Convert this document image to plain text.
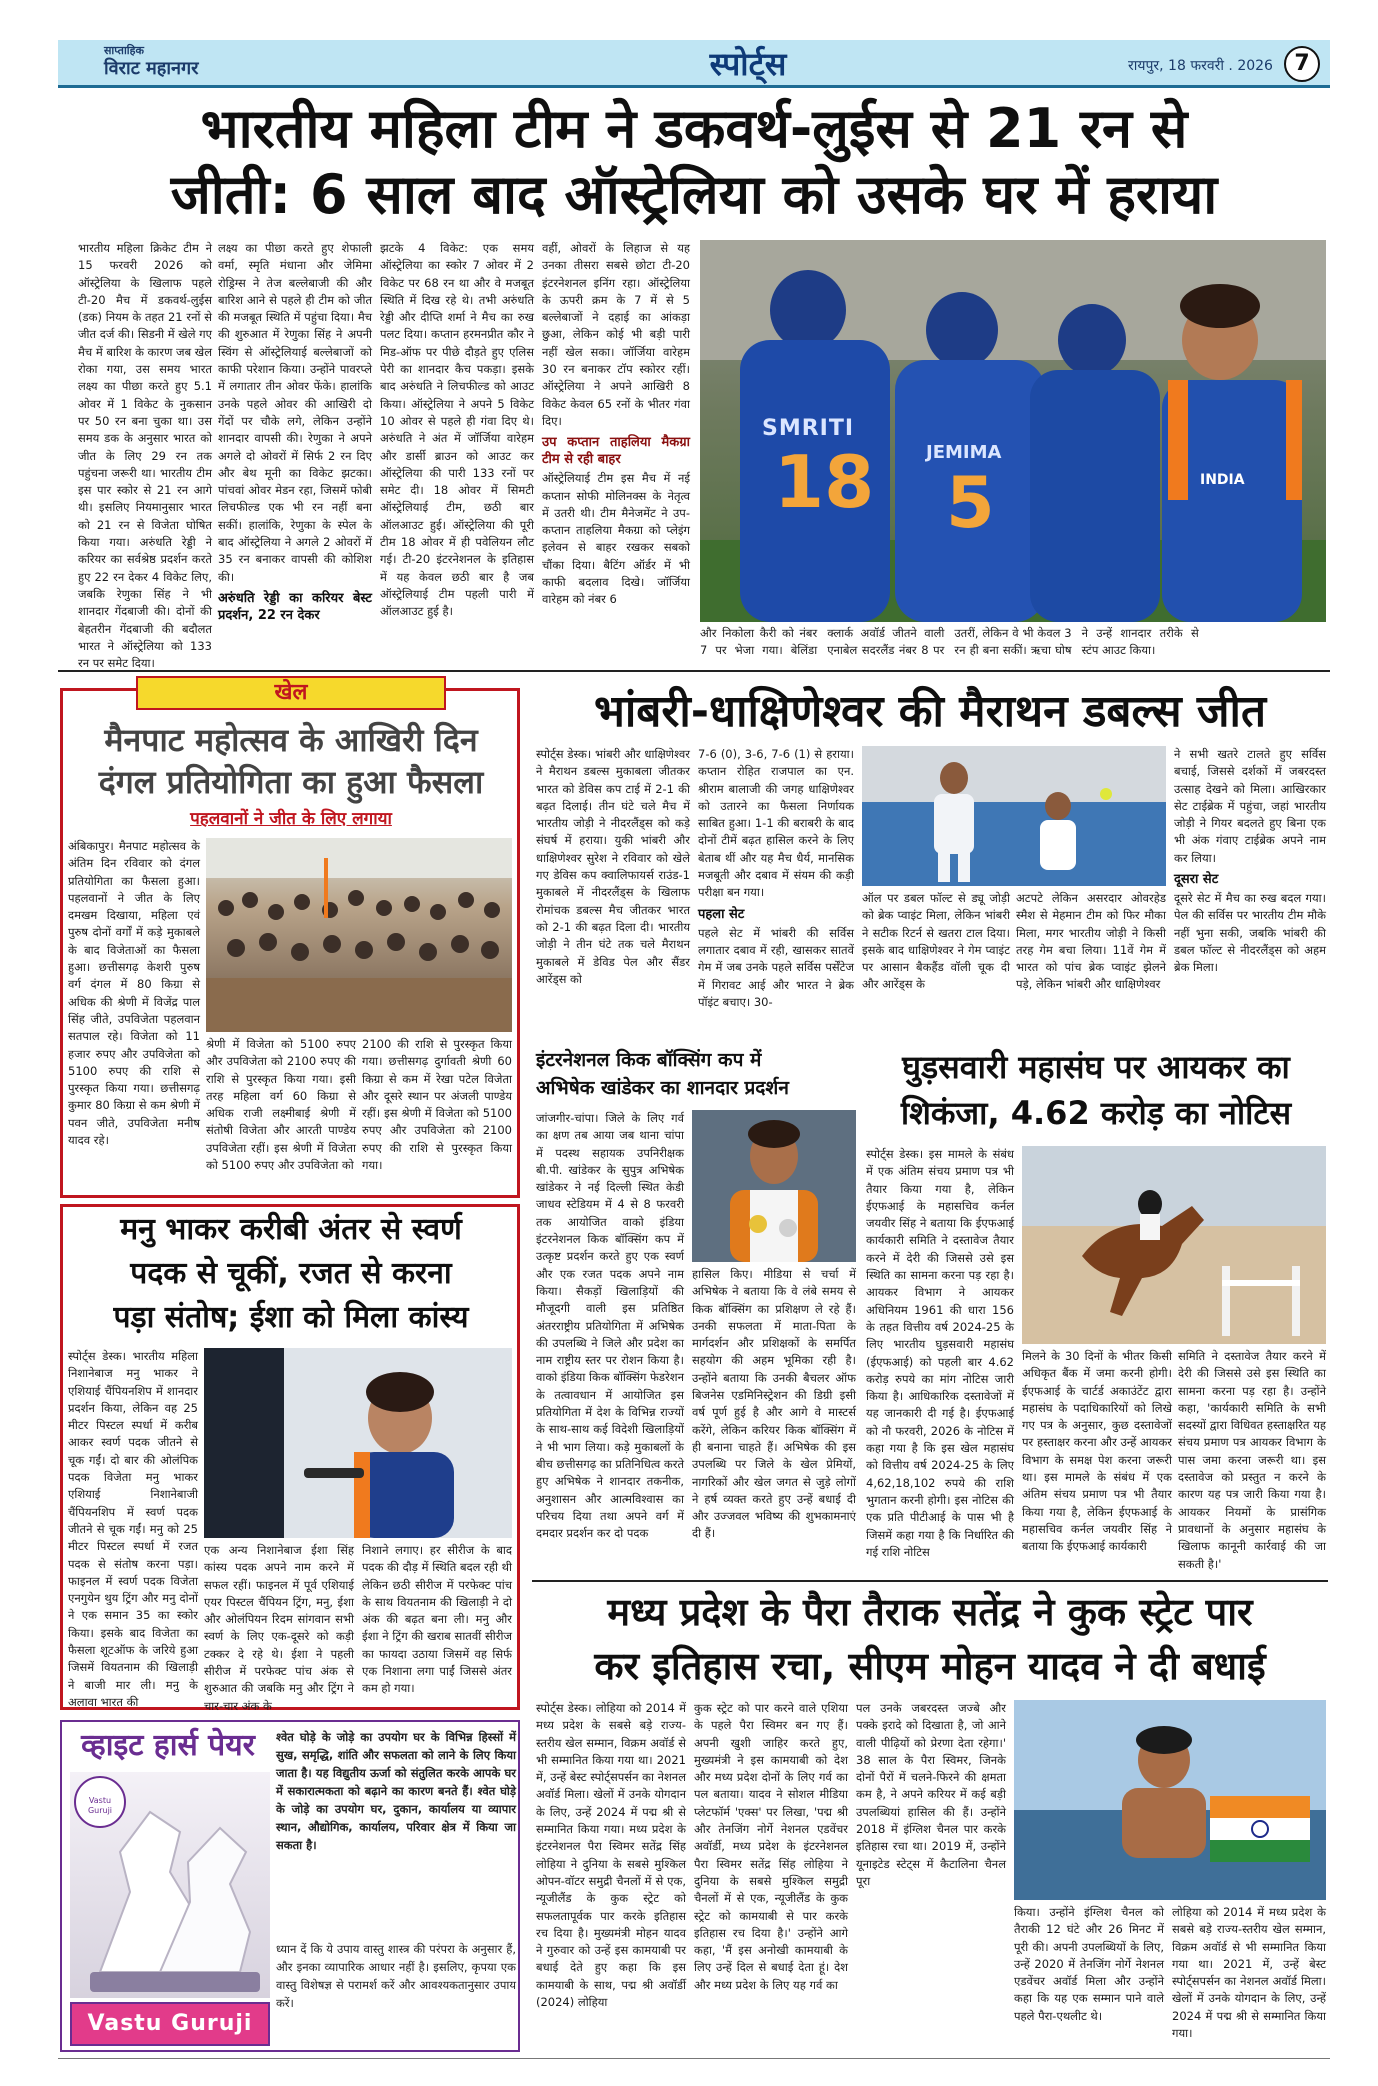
साप्ताहिक
विराट महानगर	स्पोर्ट्स	रायपुर, 18 फरवरी . 2026 7
भारतीय महिला टीम ने डकवर्थ-लुईस से 21 रन से
जीती: 6 साल बाद ऑस्ट्रेलिया को उसके घर में हराया
भारतीय महिला क्रिकेट टीम ने 15 फरवरी 2026 को ऑस्ट्रेलिया के खिलाफ पहले टी-20 मैच में डकवर्थ-लुईस (डक) नियम के तहत 21 रनों से जीत दर्ज की। सिडनी में खेले गए मैच में बारिश के कारण जब खेल रोका गया, उस समय भारत लक्ष्य का पीछा करते हुए 5.1 ओवर में 1 विकेट के नुकसान पर 50 रन बना चुका था। उस समय डक के अनुसार भारत को जीत के लिए 29 रन तक पहुंचना जरूरी था। भारतीय टीम इस पार स्कोर से 21 रन आगे थी। इसलिए नियमानुसार भारत को 21 रन से विजेता घोषित किया गया। अरुंधति रेड्डी ने करियर का सर्वश्रेष्ठ प्रदर्शन करते हुए 22 रन देकर 4 विकेट लिए, जबकि रेणुका सिंह ने भी शानदार गेंदबाजी की। दोनों की बेहतरीन गेंदबाजी की बदौलत भारत ने ऑस्ट्रेलिया को 133 रन पर समेट दिया।
लक्ष्य का पीछा करते हुए शेफाली वर्मा, स्मृति मंधाना और जेमिमा रोड्रिग्स ने तेज बल्लेबाजी की और बारिश आने से पहले ही टीम को जीत की मजबूत स्थिति में पहुंचा दिया। मैच की शुरुआत में रेणुका सिंह ने अपनी स्विंग से ऑस्ट्रेलियाई बल्लेबाजों को काफी परेशान किया। उन्होंने पावरप्ले में लगातार तीन ओवर फेंके। हालांकि उनके पहले ओवर की आखिरी दो गेंदों पर चौके लगे, लेकिन उन्होंने शानदार वापसी की। रेणुका ने अपने अगले दो ओवरों में सिर्फ 2 रन दिए और बेथ मूनी का विकेट झटका। पांचवां ओवर मेडन रहा, जिसमें फोबी लिचफील्ड एक भी रन नहीं बना सकीं। हालांकि, रेणुका के स्पेल के बाद ऑस्ट्रेलिया ने अगले 2 ओवरों में 35 रन बनाकर वापसी की कोशिश की।
अरुंधति रेड्डी का करियर बेस्ट प्रदर्शन, 22 रन देकर
झटके 4 विकेट: एक समय ऑस्ट्रेलिया का स्कोर 7 ओवर में 2 विकेट पर 68 रन था और वे मजबूत स्थिति में दिख रहे थे। तभी अरुंधति रेड्डी और दीप्ति शर्मा ने मैच का रुख पलट दिया। कप्तान हरमनप्रीत कौर ने मिड-ऑफ पर पीछे दौड़ते हुए एलिस पेरी का शानदार कैच पकड़ा। इसके बाद अरुंधति ने लिचफील्ड को आउट किया। ऑस्ट्रेलिया ने अपने 5 विकेट 10 ओवर से पहले ही गंवा दिए थे। अरुंधति ने अंत में जॉर्जिया वारेहम और डार्सी ब्राउन को आउट कर ऑस्ट्रेलिया की पारी 133 रनों पर समेट दी। 18 ओवर में सिमटी ऑस्ट्रेलियाई टीम, छठी बार ऑलआउट हुई। ऑस्ट्रेलिया की पूरी टीम 18 ओवर में ही पवेलियन लौट गई। टी-20 इंटरनेशनल के इतिहास में यह केवल छठी बार है जब ऑस्ट्रेलियाई टीम पहली पारी में ऑलआउट हुई है।
वहीं, ओवरों के लिहाज से यह उनका तीसरा सबसे छोटा टी-20 इंटरनेशनल इनिंग रहा। ऑस्ट्रेलिया के ऊपरी क्रम के 7 में से 5 बल्लेबाजों ने दहाई का आंकड़ा छुआ, लेकिन कोई भी बड़ी पारी नहीं खेल सका। जॉर्जिया वारेहम 30 रन बनाकर टॉप स्कोरर रहीं। ऑस्ट्रेलिया ने अपने आखिरी 8 विकेट केवल 65 रनों के भीतर गंवा दिए।
उप कप्तान ताहलिया मैकग्रा टीम से रही बाहर
ऑस्ट्रेलियाई टीम इस मैच में नई कप्तान सोफी मोलिनक्स के नेतृत्व में उतरी थी। टीम मैनेजमेंट ने उप-कप्तान ताहलिया मैकग्रा को प्लेइंग इलेवन से बाहर रखकर सबको चौंका दिया। बैटिंग ऑर्डर में भी काफी बदलाव दिखे। जॉर्जिया वारेहम को नंबर 6
SMRITI
18	JEMIMA
5	INDIA
और निकोला कैरी को नंबर 7 पर भेजा गया। बेलिंडा क्लार्क अवॉर्ड जीतने वाली एनाबेल सदरलैंड नंबर 8 पर उतरीं, लेकिन वे भी केवल 3 रन ही बना सकीं। ऋचा घोष ने उन्हें शानदार तरीके से स्टंप आउट किया।
खेल
मैनपाट महोत्सव के आखिरी दिन
दंगल प्रतियोगिता का हुआ फैसला
पहलवानों ने जीत के लिए लगाया
अंबिकापुर। मैनपाट महोत्सव के अंतिम दिन रविवार को दंगल प्रतियोगिता का फैसला हुआ। पहलवानों ने जीत के लिए दमखम दिखाया, महिला एवं पुरुष दोनों वर्गों में कड़े मुकाबले के बाद विजेताओं का फैसला हुआ। छत्तीसगढ़ केशरी पुरुष वर्ग दंगल में 80 किग्रा से अधिक की श्रेणी में विजेंद्र पाल सिंह जीते, उपविजेता पहलवान सतपाल रहे। विजेता को 11 हजार रुपए और उपविजेता को 5100 रुपए की राशि से पुरस्कृत किया गया। छत्तीसगढ़ कुमार 80 किग्रा से कम श्रेणी में पवन जीते, उपविजेता मनीष यादव रहे।
श्रेणी में विजेता को 5100 रुपए और उपविजेता को 2100 रुपए की राशि से पुरस्कृत किया गया। इसी तरह महिला वर्ग 60 किग्रा से अधिक राजी लक्ष्मीबाई श्रेणी में संतोषी विजेता और आरती पाण्डेय उपविजेता रहीं। इस श्रेणी में विजेता को 5100 रुपए और उपविजेता को
2100 की राशि से पुरस्कृत किया गया। छत्तीसगढ़ दुर्गावती श्रेणी 60 किग्रा से कम में रेखा पटेल विजेता और दूसरे स्थान पर अंजली पाण्डेय रहीं। इस श्रेणी में विजेता को 5100 रुपए और उपविजेता को 2100 रुपए की राशि से पुरस्कृत किया गया।
मनु भाकर करीबी अंतर से स्वर्ण
पदक से चूकीं, रजत से करना
पड़ा संतोष; ईशा को मिला कांस्य
स्पोर्ट्स डेस्क। भारतीय महिला निशानेबाज मनु भाकर ने एशियाई चैंपियनशिप में शानदार प्रदर्शन किया, लेकिन वह 25 मीटर पिस्टल स्पर्धा में करीब आकर स्वर्ण पदक जीतने से चूक गईं। दो बार की ओलंपिक पदक विजेता मनु भाकर एशियाई निशानेबाजी चैंपियनशिप में स्वर्ण पदक जीतने से चूक गईं। मनु को 25 मीटर पिस्टल स्पर्धा में रजत पदक से संतोष करना पड़ा। फाइनल में स्वर्ण पदक विजेता एनगुयेन थुय ट्रिंग और मनु दोनों ने एक समान 35 का स्कोर किया। इसके बाद विजेता का फैसला शूटऑफ के जरिये हुआ जिसमें वियतनाम की खिलाड़ी ने बाजी मार ली। मनु के अलावा भारत की
एक अन्य निशानेबाज ईशा सिंह कांस्य पदक अपने नाम करने में सफल रहीं। फाइनल में पूर्व एशियाई एयर पिस्टल चैंपियन ट्रिंग, मनु, ईशा और ओलंपियन रिदम सांगवान सभी स्वर्ण के लिए एक-दूसरे को कड़ी टक्कर दे रहे थे। ईशा ने पहली सीरीज में परफेक्ट पांच अंक से शुरुआत की जबकि मनु और ट्रिंग ने चार-चार अंक के
निशाने लगाए। हर सीरीज के बाद पदक की दौड़ में स्थिति बदल रही थी लेकिन छठी सीरीज में परफेक्ट पांच के साथ वियतनाम की खिलाड़ी ने दो अंक की बढ़त बना ली। मनु और ईशा ने ट्रिंग की खराब सातवीं सीरीज का फायदा उठाया जिसमें वह सिर्फ एक निशाना लगा पाईं जिससे अंतर कम हो गया।
व्हाइट हार्स पेयर
Vastu Guruji
श्वेत घोड़े के जोड़े का उपयोग घर के विभिन्न हिस्सों में सुख, समृद्धि, शांति और सफलता को लाने के लिए किया जाता है। यह विद्युतीय ऊर्जा को संतुलित करके आपके घर में सकारात्मकता को बढ़ाने का कारण बनते हैं। श्वेत घोड़े के जोड़े का उपयोग घर, दुकान, कार्यालय या व्यापार स्थान, औद्योगिक, कार्यालय, परिवार क्षेत्र में किया जा सकता है।
ध्यान दें कि ये उपाय वास्तु शास्त्र की परंपरा के अनुसार हैं, और इनका व्यापारिक आधार नहीं है। इसलिए, कृपया एक वास्तु विशेषज्ञ से परामर्श करें और आवश्यकतानुसार उपाय करें।
Vastu Guruji
भांबरी-धाक्षिणेश्वर की मैराथन डबल्स जीत
स्पोर्ट्स डेस्क। भांबरी और धाक्षिणेश्वर ने मैराथन डबल्स मुकाबला जीतकर भारत को डेविस कप टाई में 2-1 की बढ़त दिलाई। तीन घंटे चले मैच में भारतीय जोड़ी ने नीदरलैंड्स को कड़े संघर्ष में हराया। युकी भांबरी और धाक्षिणेश्वर सुरेश ने रविवार को खेले गए डेविस कप क्वालिफायर्स राउंड-1 मुकाबले में नीदरलैंड्स के खिलाफ रोमांचक डबल्स मैच जीतकर भारत को 2-1 की बढ़त दिला दी। भारतीय जोड़ी ने तीन घंटे तक चले मैराथन मुकाबले में डेविड पेल और सैंडर आरेंड्स को
7-6 (0), 3-6, 7-6 (1) से हराया। कप्तान रोहित राजपाल का एन. श्रीराम बालाजी की जगह धाक्षिणेश्वर को उतारने का फैसला निर्णायक साबित हुआ। 1-1 की बराबरी के बाद दोनों टीमें बढ़त हासिल करने के लिए बेताब थीं और यह मैच धैर्य, मानसिक मजबूती और दबाव में संयम की कड़ी परीक्षा बन गया।
पहला सेट
पहले सेट में भांबरी की सर्विस लगातार दबाव में रही, खासकर सातवें गेम में जब उनके पहले सर्विस पर्सेंटेज में गिरावट आई और भारत ने ब्रेक पॉइंट बचाए। 30-
ऑल पर डबल फॉल्ट से ड्यू जोड़ी को ब्रेक प्वाइंट मिला, लेकिन भांबरी ने सटीक रिटर्न से खतरा टाल दिया। इसके बाद धाक्षिणेश्वर ने गेम प्वाइंट पर आसान बैकहैंड वॉली चूक दी और आरेंड्स के
अटपटे लेकिन असरदार ओवरहेड स्मैश से मेहमान टीम को फिर मौका मिला, मगर भारतीय जोड़ी ने किसी तरह गेम बचा लिया। 11वें गेम में भारत को पांच ब्रेक प्वाइंट झेलने पड़े, लेकिन भांबरी और धाक्षिणेश्वर
ने सभी खतरे टालते हुए सर्विस बचाई, जिससे दर्शकों में जबरदस्त उत्साह देखने को मिला। आखिरकार सेट टाईब्रेक में पहुंचा, जहां भारतीय जोड़ी ने गियर बदलते हुए बिना एक भी अंक गंवाए टाईब्रेक अपने नाम कर लिया।
दूसरा सेट
दूसरे सेट में मैच का रुख बदल गया। पेल की सर्विस पर भारतीय टीम मौके नहीं भुना सकी, जबकि भांबरी की डबल फॉल्ट से नीदरलैंड्स को अहम ब्रेक मिला।
इंटरनेशनल किक बॉक्सिंग कप में
अभिषेक खांडेकर का शानदार प्रदर्शन
जांजगीर-चांपा। जिले के लिए गर्व का क्षण तब आया जब थाना चांपा में पदस्थ सहायक उपनिरीक्षक बी.पी. खांडेकर के सुपुत्र अभिषेक खांडेकर ने नई दिल्ली स्थित केडी जाधव स्टेडियम में 4 से 8 फरवरी तक आयोजित वाको इंडिया इंटरनेशनल किक बॉक्सिंग कप में उत्कृष्ट प्रदर्शन करते हुए एक स्वर्ण और एक रजत पदक अपने नाम किया। सैकड़ों खिलाड़ियों की मौजूदगी वाली इस प्रतिष्ठित अंतरराष्ट्रीय प्रतियोगिता में अभिषेक की उपलब्धि ने जिले और प्रदेश का नाम राष्ट्रीय स्तर पर रोशन किया है। वाको इंडिया किक बॉक्सिंग फेडरेशन के तत्वावधान में आयोजित इस प्रतियोगिता में देश के विभिन्न राज्यों के साथ-साथ कई विदेशी खिलाड़ियों ने भी भाग लिया। कड़े मुकाबलों के बीच छत्तीसगढ़ का प्रतिनिधित्व करते हुए अभिषेक ने शानदार तकनीक, अनुशासन और आत्मविश्वास का परिचय दिया तथा अपने वर्ग में दमदार प्रदर्शन कर दो पदक
हासिल किए। मीडिया से चर्चा में अभिषेक ने बताया कि वे लंबे समय से किक बॉक्सिंग का प्रशिक्षण ले रहे हैं। उनकी सफलता में माता-पिता के मार्गदर्शन और प्रशिक्षकों के समर्पित सहयोग की अहम भूमिका रही है। उन्होंने बताया कि उनकी बैचलर ऑफ बिजनेस एडमिनिस्ट्रेशन की डिग्री इसी वर्ष पूर्ण हुई है और आगे वे मास्टर्स करेंगे, लेकिन करियर किक बॉक्सिंग में ही बनाना चाहते हैं। अभिषेक की इस उपलब्धि पर जिले के खेल प्रेमियों, नागरिकों और खेल जगत से जुड़े लोगों ने हर्ष व्यक्त करते हुए उन्हें बधाई दी और उज्जवल भविष्य की शुभकामनाएं दी हैं।
घुड़सवारी महासंघ पर आयकर का
शिकंजा, 4.62 करोड़ का नोटिस
स्पोर्ट्स डेस्क। इस मामले के संबंध में एक अंतिम संचय प्रमाण पत्र भी तैयार किया गया है, लेकिन ईएफआई के महासचिव कर्नल जयवीर सिंह ने बताया कि ईएफआई कार्यकारी समिति ने दस्तावेज तैयार करने में देरी की जिससे उसे इस स्थिति का सामना करना पड़ रहा है। आयकर विभाग ने आयकर अधिनियम 1961 की धारा 156 के तहत वित्तीय वर्ष 2024-25 के लिए भारतीय घुड़सवारी महासंघ (ईएफआई) को पहली बार 4.62 करोड़ रुपये का मांग नोटिस जारी किया है। आधिकारिक दस्तावेजों में यह जानकारी दी गई है। ईएफआई को नौ फरवरी, 2026 के नोटिस में कहा गया है कि इस खेल महासंघ को वित्तीय वर्ष 2024-25 के लिए 4,62,18,102 रुपये की राशि भुगतान करनी होगी। इस नोटिस की एक प्रति पीटीआई के पास भी है जिसमें कहा गया है कि निर्धारित की गई राशि नोटिस
मिलने के 30 दिनों के भीतर किसी अधिकृत बैंक में जमा करनी होगी। ईएफआई के चार्टर्ड अकाउंटेंट द्वारा महासंघ के पदाधिकारियों को लिखे गए पत्र के अनुसार, कुछ दस्तावेजों पर हस्ताक्षर करना और उन्हें आयकर विभाग के समक्ष पेश करना जरूरी था। इस मामले के संबंध में एक अंतिम संचय प्रमाण पत्र भी तैयार किया गया है, लेकिन ईएफआई के महासचिव कर्नल जयवीर सिंह ने बताया कि ईएफआई कार्यकारी
समिति ने दस्तावेज तैयार करने में देरी की जिससे उसे इस स्थिति का सामना करना पड़ रहा है। उन्होंने कहा, 'कार्यकारी समिति के सभी सदस्यों द्वारा विधिवत हस्ताक्षरित यह संचय प्रमाण पत्र आयकर विभाग के पास जमा करना जरूरी था। इस दस्तावेज को प्रस्तुत न करने के कारण यह पत्र जारी किया गया है। आयकर नियमों के प्रासंगिक प्रावधानों के अनुसार महासंघ के खिलाफ कानूनी कार्रवाई की जा सकती है।'
मध्य प्रदेश के पैरा तैराक सतेंद्र ने कुक स्ट्रेट पार
कर इतिहास रचा, सीएम मोहन यादव ने दी बधाई
स्पोर्ट्स डेस्क। लोहिया को 2014 में मध्य प्रदेश के सबसे बड़े राज्य-स्तरीय खेल सम्मान, विक्रम अवॉर्ड से भी सम्मानित किया गया था। 2021 में, उन्हें बेस्ट स्पोर्ट्सपर्सन का नेशनल अवॉर्ड मिला। खेलों में उनके योगदान के लिए, उन्हें 2024 में पद्म श्री से सम्मानित किया गया। मध्य प्रदेश के इंटरनेशनल पैरा स्विमर सतेंद्र सिंह लोहिया ने दुनिया के सबसे मुश्किल ओपन-वॉटर समुद्री चैनलों में से एक, न्यूजीलैंड के कुक स्ट्रेट को सफलतापूर्वक पार करके इतिहास रच दिया है। मुख्यमंत्री मोहन यादव ने गुरुवार को उन्हें इस कामयाबी पर बधाई देते हुए कहा कि इस कामयाबी के साथ, पद्म श्री अवॉर्डी (2024) लोहिया
कुक स्ट्रेट को पार करने वाले एशिया के पहले पैरा स्विमर बन गए हैं। अपनी खुशी जाहिर करते हुए, मुख्यमंत्री ने इस कामयाबी को देश और मध्य प्रदेश दोनों के लिए गर्व का पल बताया। यादव ने सोशल मीडिया प्लेटफॉर्म 'एक्स' पर लिखा, 'पद्म श्री और तेनजिंग नोर्गे नेशनल एडवेंचर अवॉर्डी, मध्य प्रदेश के इंटरनेशनल पैरा स्विमर सतेंद्र सिंह लोहिया ने दुनिया के सबसे मुश्किल समुद्री चैनलों में से एक, न्यूजीलैंड के कुक स्ट्रेट को कामयाबी से पार करके इतिहास रच दिया है।' उन्होंने आगे कहा, 'मैं इस अनोखी कामयाबी के लिए उन्हें दिल से बधाई देता हूं। देश और मध्य प्रदेश के लिए यह गर्व का
पल उनके जबरदस्त जज्बे और पक्के इरादे को दिखाता है, जो आने वाली पीढ़ियों को प्रेरणा देता रहेगा।' 38 साल के पैरा स्विमर, जिनके दोनों पैरों में चलने-फिरने की क्षमता कम है, ने अपने करियर में कई बड़ी उपलब्धियां हासिल की हैं। उन्होंने 2018 में इंग्लिश चैनल पार करके इतिहास रचा था। 2019 में, उन्होंने यूनाइटेड स्टेट्स में कैटालिना चैनल पूरा
किया। उन्होंने इंग्लिश चैनल को तैराकी 12 घंटे और 26 मिनट में पूरी की। अपनी उपलब्धियों के लिए, उन्हें 2020 में तेनजिंग नोर्गे नेशनल एडवेंचर अवॉर्ड मिला और उन्होंने कहा कि यह एक सम्मान पाने वाले पहले पैरा-एथलीट थे।
लोहिया को 2014 में मध्य प्रदेश के सबसे बड़े राज्य-स्तरीय खेल सम्मान, विक्रम अवॉर्ड से भी सम्मानित किया गया था। 2021 में, उन्हें बेस्ट स्पोर्ट्सपर्सन का नेशनल अवॉर्ड मिला। खेलों में उनके योगदान के लिए, उन्हें 2024 में पद्म श्री से सम्मानित किया गया।
